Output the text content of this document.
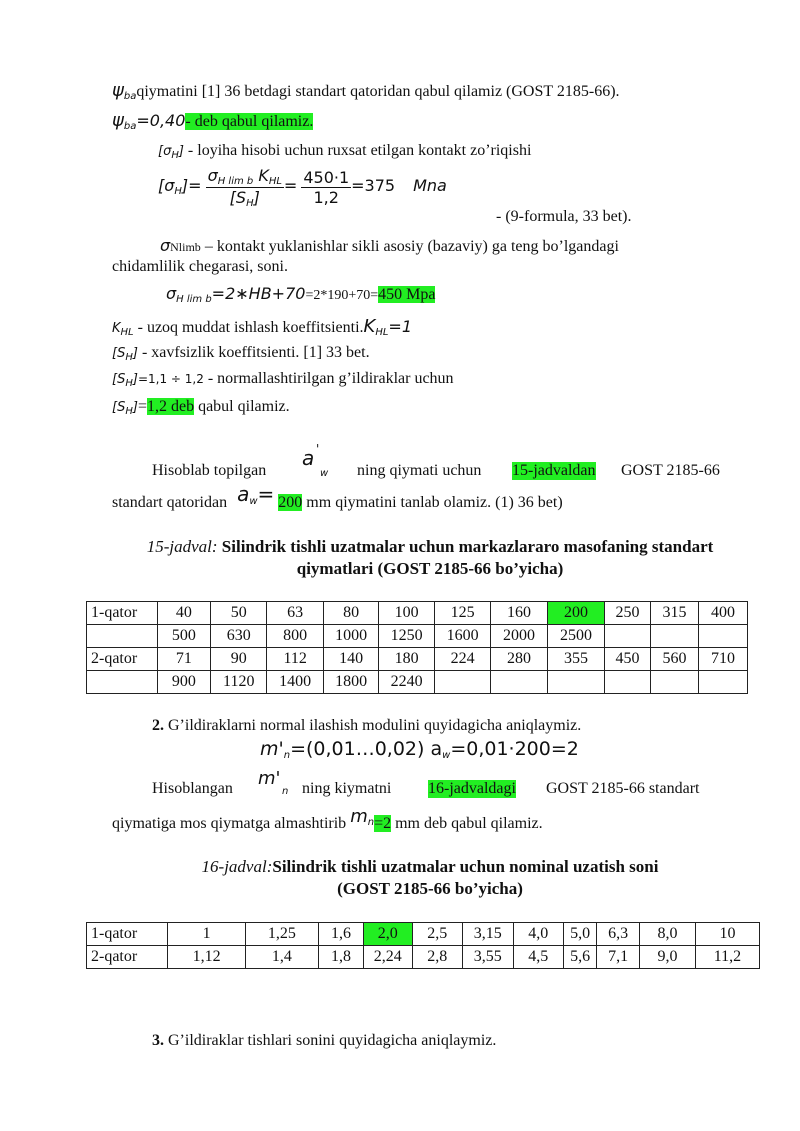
$\psi_{ba}qiymatini$ [1] 36 betdagi standart qatoridan qabul qilamiz (GOST 2185-66).
$\psi_{ba}=0,40-$ deb qabul qilamiz.
$[\sigma_H]$ - loyiha hisobi uchun ruxsat etilgan kontakt zo’riqishi
$[\sigma_H]= \frac{\sigma_{H lim b} K_{HL}}{[S_H]} = \frac{450\cdot 1}{1,2} =375$ Mna
- (9-formula, 33 bet).
σNlimb – kontakt yuklanishlar sikli asosiy (bazaviy) ga teng bo’lgandagi
chidamlilik chegarasi, soni.
$\sigma_{H lim b}=2∗HB+70=2*190+70=450$ Mpa
$K_{HL}$ - uzoq muddat ishlash $koeffitsienti.K_{HL}=1$
$[S_H]$ - xavfsizlik koeffitsienti. [1] 33 bet.
$[S_H]=1,1 \div 1,2$ - normallashtirilgan g’ildiraklar uchun
$[S_H]=1,2$ deb qabul qilamiz.
Hisoblab topilgan
a '
w ning qiymati uchun 15-jadvaldan GOST 2185-66
standart qatoridan $a_w= 200$ mm qiymatini tanlab olamiz. (1) 36 bet)
15-jadval: Silindrik tishli uzatmalar uchun markazlararo masofaning standart
qiymatlari (GOST 2185-66 bo’yicha)
1-qator	40	50	63	80	100	125	160	200	250	315	400
	500	630	800	1000	1250	1600	2000	2500			
2-qator	71	90	112	140	180	224	280	355	450	560	710
	900	1120	1400	1800	2240						
2. G’ildiraklarni normal ilashish modulini quyidagicha aniqlaymiz.
$m'_n=(0,01\dots 0,02)$ $a_w=0,01\cdot 200=2$
Hisoblangan m'
n ning kiymatni 16-jadvaldagi GOST 2185-66 standart
qiymatiga mos qiymatga almashtirib $m_n=2$ mm deb qabul qilamiz.
16-jadval:Silindrik tishli uzatmalar uchun nominal uzatish soni
(GOST 2185-66 bo’yicha)
1-qator	1	1,25	1,6	2,0	2,5	3,15	4,0	5,0	6,3	8,0	10
2-qator	1,12	1,4	1,8	2,24	2,8	3,55	4,5	5,6	7,1	9,0	11,2
3. G’ildiraklar tishlari sonini quyidagicha aniqlaymiz.
